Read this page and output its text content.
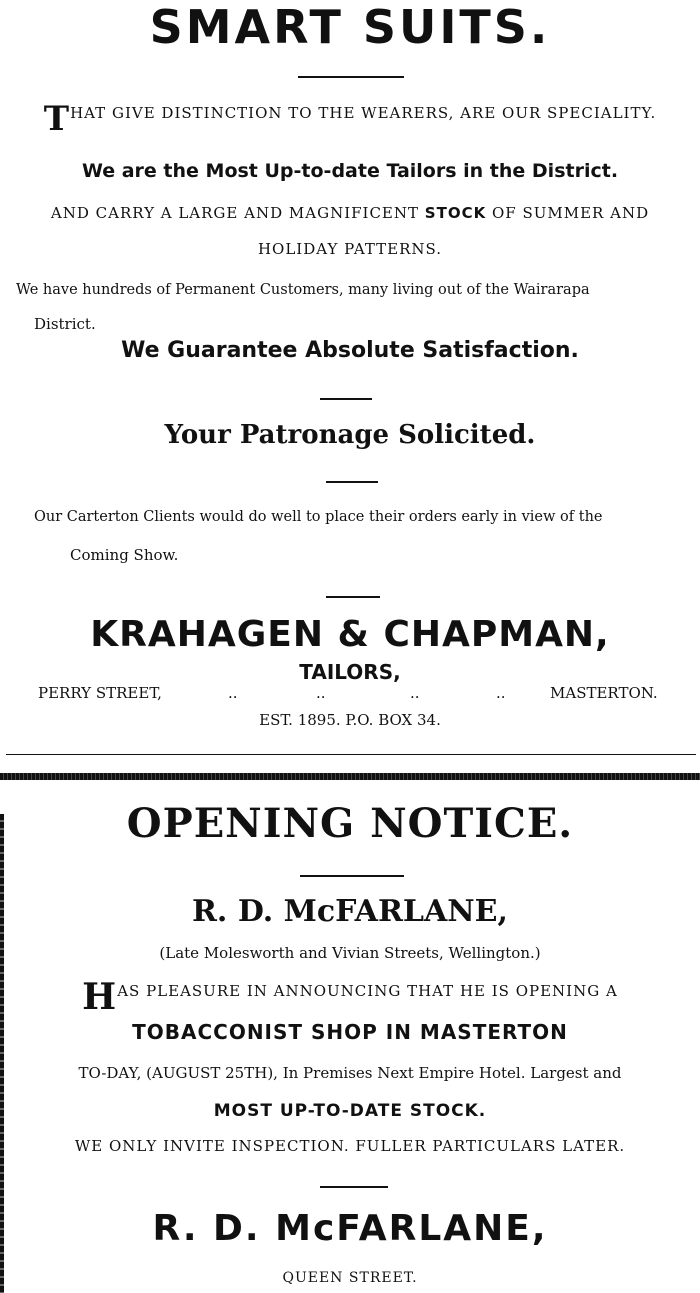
SMART SUITS.
THAT GIVE DISTINCTION TO THE WEARERS, ARE OUR SPECIALITY.
We are the Most Up-to-date Tailors in the District.
AND CARRY A LARGE AND MAGNIFICENT STOCK OF SUMMER AND
HOLIDAY PATTERNS.
We have hundreds of Permanent Customers, many living out of the Wairarapa
District.
We Guarantee Absolute Satisfaction.
Your Patronage Solicited.
Our Carterton Clients would do well to place their orders early in view of the
Coming Show.
KRAHAGEN & CHAPMAN,
TAILORS,
PERRY STREET,	..	..	..	..	MASTERTON.
EST. 1895. P.O. BOX 34.
OPENING NOTICE.
R. D. McFARLANE,
(Late Molesworth and Vivian Streets, Wellington.)
HAS PLEASURE IN ANNOUNCING THAT HE IS OPENING A
TOBACCONIST SHOP IN MASTERTON
TO-DAY, (AUGUST 25TH), In Premises Next Empire Hotel. Largest and
MOST UP-TO-DATE STOCK.
WE ONLY INVITE INSPECTION. FULLER PARTICULARS LATER.
R. D. McFARLANE,
QUEEN STREET.
